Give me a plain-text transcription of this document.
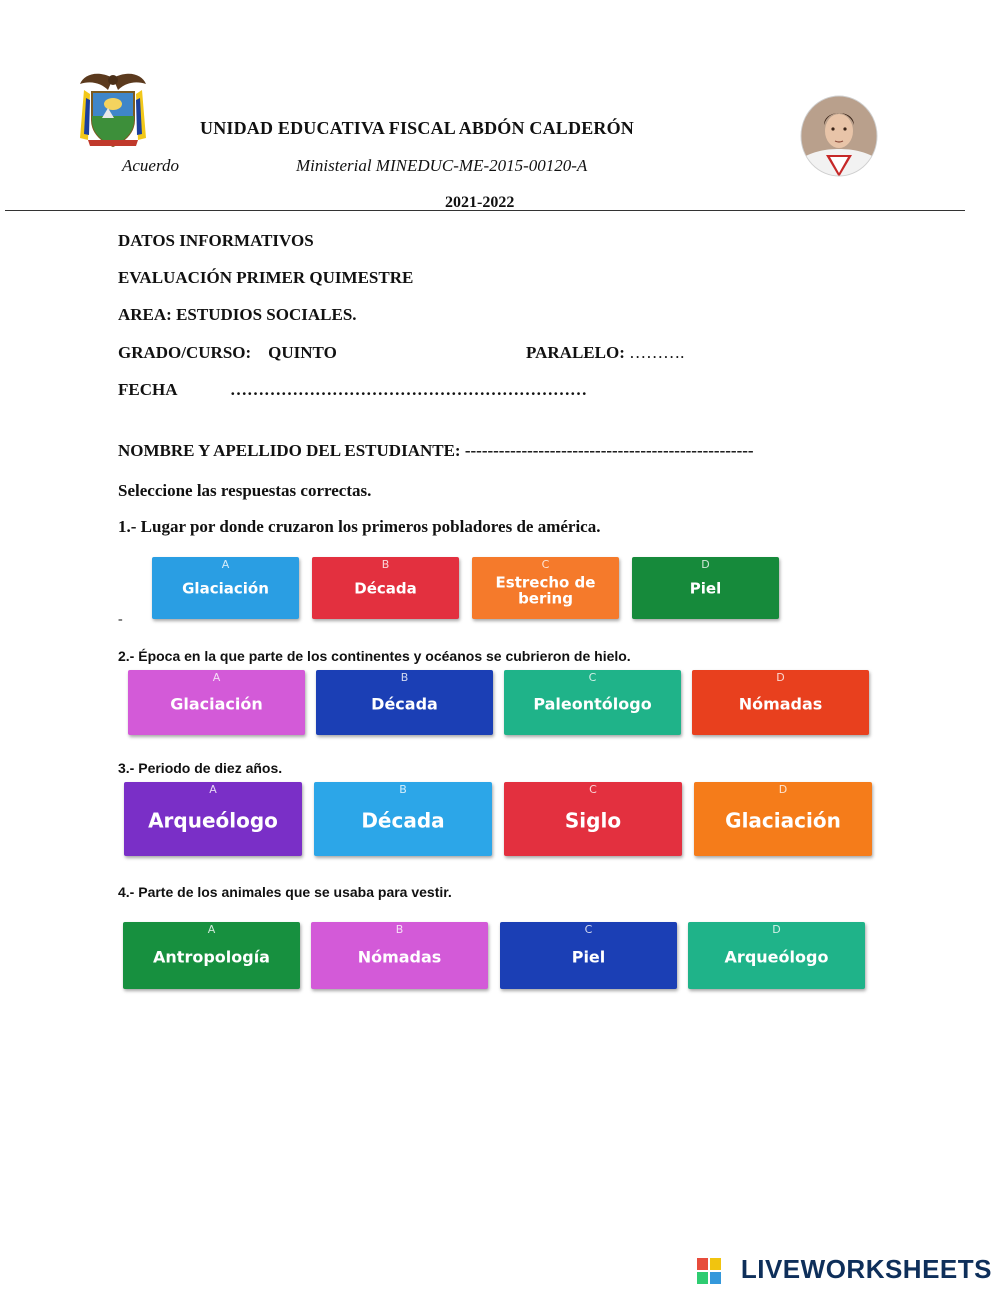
UNIDAD EDUCATIVA FISCAL ABDÓN CALDERÓN
Acuerdo	Ministerial MINEDUC-ME-2015-00120-A
2021-2022
DATOS INFORMATIVOS
EVALUACIÓN PRIMER QUIMESTRE
AREA: ESTUDIOS SOCIALES.
GRADO/CURSO:    QUINTO	PARALELO: ……….
FECHA	………………………………………………………
NOMBRE Y APELLIDO DEL ESTUDIANTE: ---------------------------------------------------
Seleccione las respuestas correctas.
1.- Lugar por donde cruzaron los primeros pobladores de américa.
-
A
Glaciación
B
Década
C
Estrecho de bering
D
Piel
2.- Época en la que parte de los continentes y océanos se cubrieron de hielo.
A
Glaciación
B
Década
C
Paleontólogo
D
Nómadas
3.- Periodo de diez años.
A
Arqueólogo
B
Década
C
Siglo
D
Glaciación
4.- Parte de los animales que se usaba para vestir.
A
Antropología
B
Nómadas
C
Piel
D
Arqueólogo
LIVEWORKSHEETS
